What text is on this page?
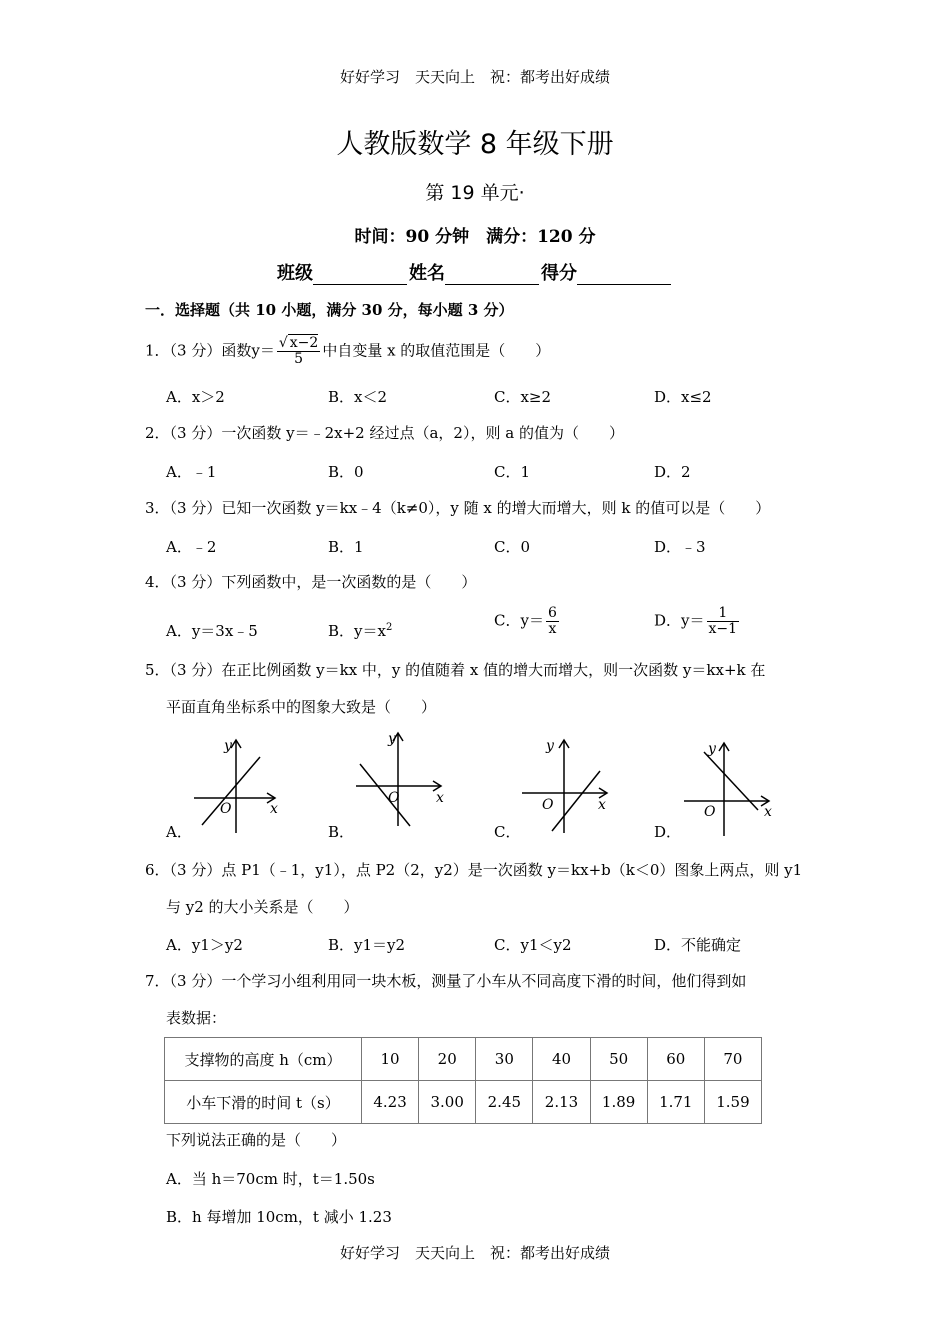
好好学习　天天向上　祝：都考出好成绩
人教版数学 8 年级下册
第 19 单元·
时间：90 分钟　满分：120 分
班级	姓名	得分
一．选择题（共 10 小题，满分 30 分，每小题 3 分）
1．（3 分）函数$y= \frac{√ x-2}{5}$ 中自变量 x 的取值范围是（　　）
A．x＞2	B．x＜2	C．x≥2	D．x≤2
2．（3 分）一次函数 y＝﹣2x+2 经过点（a，2），则 a 的值为（　　）
A．﹣1	B．0	C．1	D．2
3．（3 分）已知一次函数 y＝kx﹣4（k≠0），y 随 x 的增大而增大，则 k 的值可以是（　　）
A．﹣2	B．1	C．0	D．﹣3
4．（3 分）下列函数中，是一次函数的是（　　）
A．y＝3x﹣5	B．$y=x^2$	C．$y= \frac{6}{x}$	D．$y= \frac{1}{x-1}$
5．（3 分）在正比例函数 y＝kx 中，y 的值随着 x 值的增大而增大，则一次函数 y＝kx+k 在
平面直角坐标系中的图象大致是（　　）
y
x
O
A．
y
x
O
B．
y
x
O
C．
y
x
O
D．
6．（3 分）点 P1（﹣1，y1），点 P2（2，y2）是一次函数 y＝kx+b（k＜0）图象上两点，则 y1
与 y2 的大小关系是（　　）
A．y1＞y2	B．y1＝y2	C．y1＜y2	D．不能确定
7．（3 分）一个学习小组利用同一块木板，测量了小车从不同高度下滑的时间，他们得到如
表数据：
支撑物的高度 h（cm）	10	20	30	40	50	60	70
小车下滑的时间 t（s）	4.23	3.00	2.45	2.13	1.89	1.71	1.59
下列说法正确的是（　　）
A．当 h＝70cm 时，t＝1.50s
B．h 每增加 10cm，t 减小 1.23
好好学习　天天向上　祝：都考出好成绩
